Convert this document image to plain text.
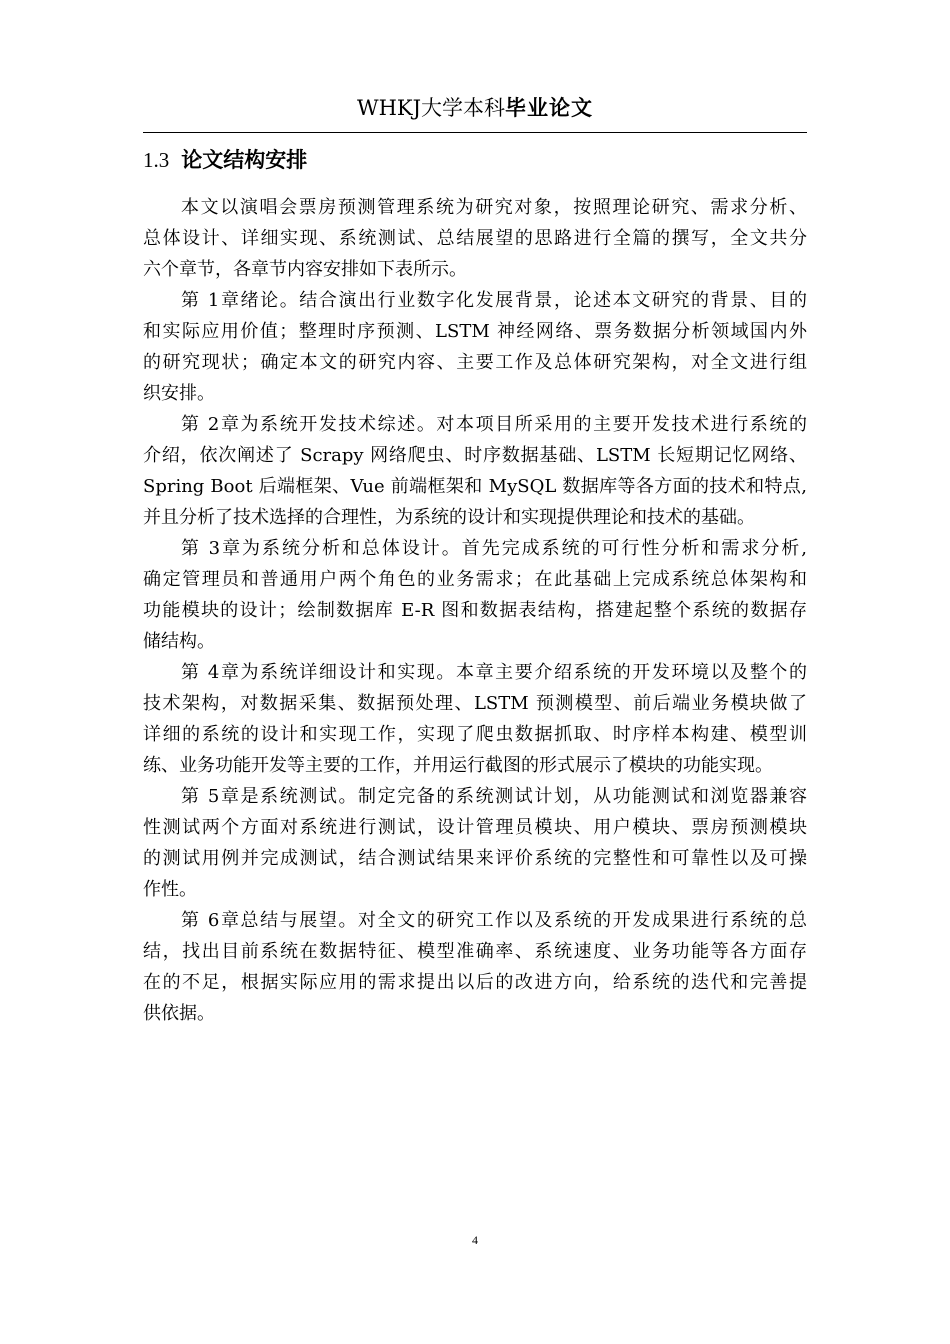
WHKJ大学本科毕业论文
1.3 论文结构安排

本文以演唱会票房预测管理系统为研究对象，按照理论研究、需求分析、
总体设计、详细实现、系统测试、总结展望的思路进行全篇的撰写，全文共分
六个章节，各章节内容安排如下表所示。

第 1章绪论。结合演出行业数字化发展背景，论述本文研究的背景、目的
和实际应用价值；整理时序预测、LSTM 神经网络、票务数据分析领域国内外
的研究现状；确定本文的研究内容、主要工作及总体研究架构，对全文进行组
织安排。

第 2章为系统开发技术综述。对本项目所采用的主要开发技术进行系统的
介绍，依次阐述了 Scrapy 网络爬虫、时序数据基础、LSTM 长短期记忆网络、
Spring Boot 后端框架、Vue 前端框架和 MySQL 数据库等各方面的技术和特点,
并且分析了技术选择的合理性，为系统的设计和实现提供理论和技术的基础。

第 3章为系统分析和总体设计。首先完成系统的可行性分析和需求分析,
确定管理员和普通用户两个角色的业务需求；在此基础上完成系统总体架构和
功能模块的设计；绘制数据库 E-R 图和数据表结构，搭建起整个系统的数据存
储结构。

第 4章为系统详细设计和实现。本章主要介绍系统的开发环境以及整个的
技术架构，对数据采集、数据预处理、LSTM 预测模型、前后端业务模块做了
详细的系统的设计和实现工作，实现了爬虫数据抓取、时序样本构建、模型训
练、业务功能开发等主要的工作，并用运行截图的形式展示了模块的功能实现。

第 5章是系统测试。制定完备的系统测试计划，从功能测试和浏览器兼容
性测试两个方面对系统进行测试，设计管理员模块、用户模块、票房预测模块
的测试用例并完成测试，结合测试结果来评价系统的完整性和可靠性以及可操
作性。

第 6章总结与展望。对全文的研究工作以及系统的开发成果进行系统的总
结，找出目前系统在数据特征、模型准确率、系统速度、业务功能等各方面存
在的不足，根据实际应用的需求提出以后的改进方向，给系统的迭代和完善提
供依据。

4
